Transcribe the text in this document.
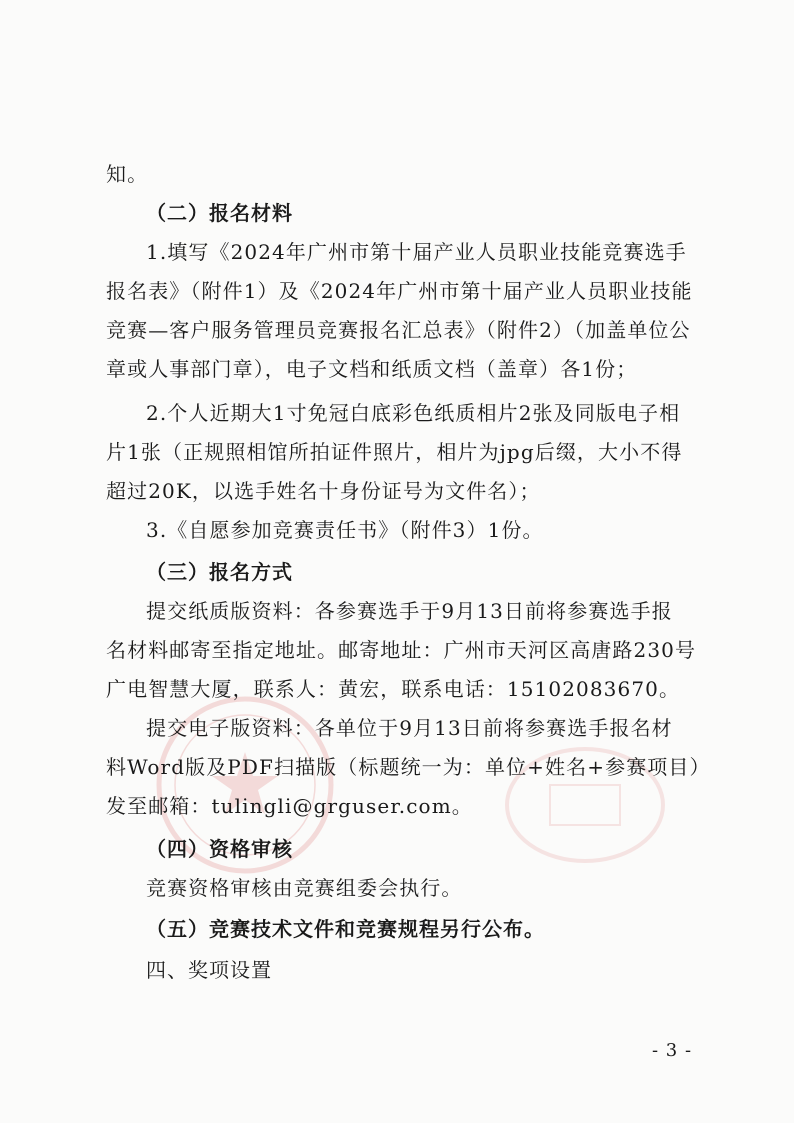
知。
（二）报名材料
1.填写《2024年广州市第十届产业人员职业技能竞赛选手
报名表》（附件1）及《2024年广州市第十届产业人员职业技能
竞赛—客户服务管理员竞赛报名汇总表》（附件2）（加盖单位公
章或人事部门章），电子文档和纸质文档（盖章）各1份；
2.个人近期大1寸免冠白底彩色纸质相片2张及同版电子相
片1张（正规照相馆所拍证件照片，相片为jpg后缀，大小不得
超过20K，以选手姓名十身份证号为文件名）；
3.《自愿参加竞赛责任书》（附件3）1份。
（三）报名方式
提交纸质版资料：各参赛选手于9月13日前将参赛选手报
名材料邮寄至指定地址。邮寄地址：广州市天河区高唐路230号
广电智慧大厦，联系人：黄宏，联系电话：15102083670。
提交电子版资料：各单位于9月13日前将参赛选手报名材
料Word版及PDF扫描版（标题统一为：单位+姓名+参赛项目）
发至邮箱：tulingli@grguser.com。
（四）资格审核
竞赛资格审核由竞赛组委会执行。
（五）竞赛技术文件和竞赛规程另行公布。
四、奖项设置
- 3 -
